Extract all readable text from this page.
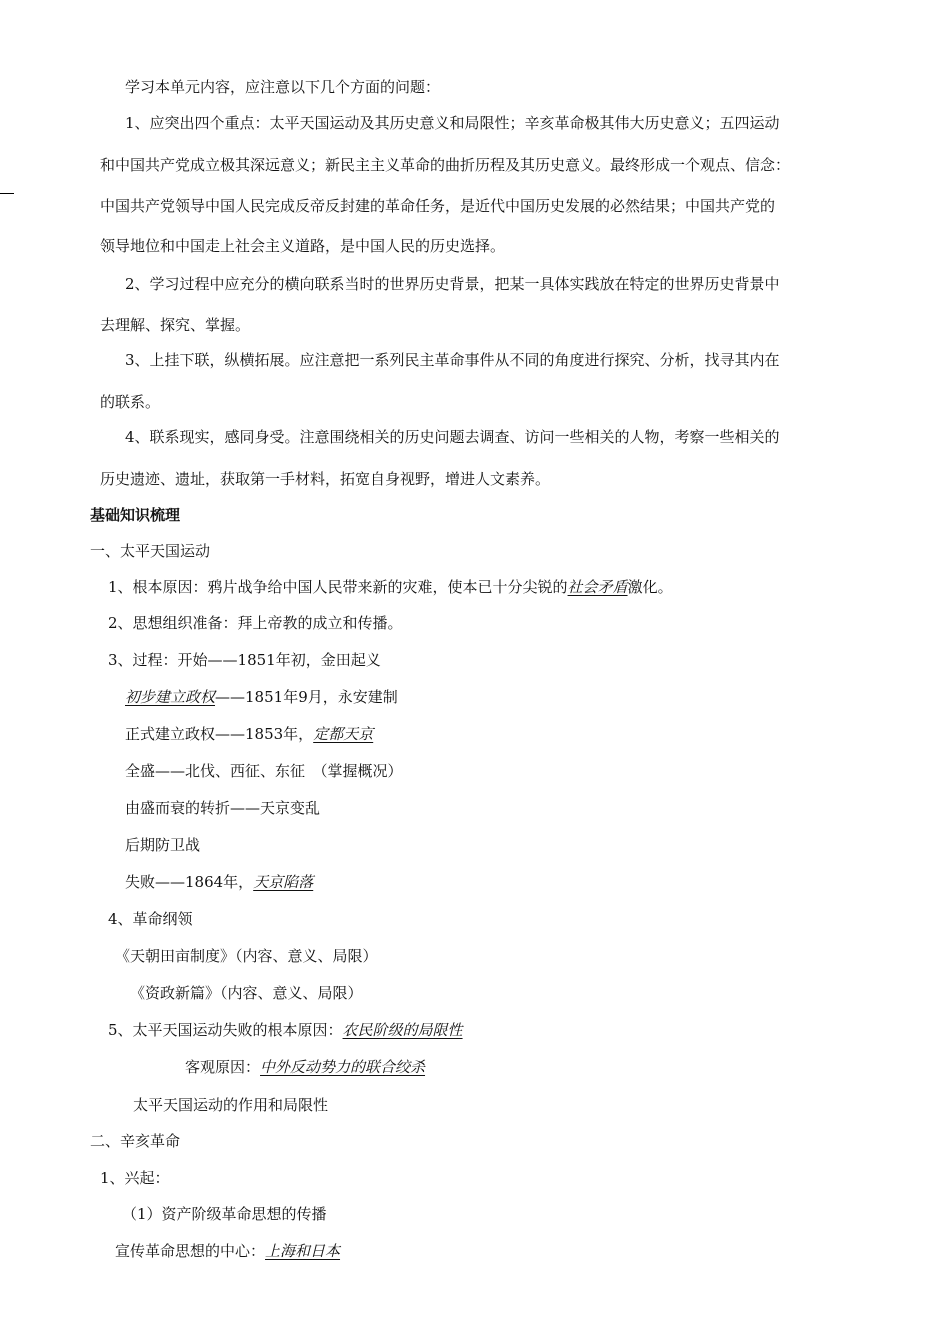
学习本单元内容，应注意以下几个方面的问题：
1、应突出四个重点：太平天国运动及其历史意义和局限性；辛亥革命极其伟大历史意义；五四运动
和中国共产党成立极其深远意义；新民主主义革命的曲折历程及其历史意义。最终形成一个观点、信念：
中国共产党领导中国人民完成反帝反封建的革命任务，是近代中国历史发展的必然结果；中国共产党的
领导地位和中国走上社会主义道路，是中国人民的历史选择。
2、学习过程中应充分的横向联系当时的世界历史背景，把某一具体实践放在特定的世界历史背景中
去理解、探究、掌握。
3、上挂下联，纵横拓展。应注意把一系列民主革命事件从不同的角度进行探究、分析，找寻其内在
的联系。
4、联系现实，感同身受。注意围绕相关的历史问题去调查、访问一些相关的人物，考察一些相关的
历史遗迹、遗址，获取第一手材料，拓宽自身视野，增进人文素养。
基础知识梳理
一、太平天国运动
1、根本原因：鸦片战争给中国人民带来新的灾难，使本已十分尖锐的社会矛盾激化。
2、思想组织准备：拜上帝教的成立和传播。
3、过程：开始——1851年初，金田起义
初步建立政权——1851年9月，永安建制
正式建立政权——1853年，定都天京
全盛——北伐、西征、东征　（掌握概况）
由盛而衰的转折——天京变乱
后期防卫战
失败——1864年，天京陷落
4、革命纲领
《天朝田亩制度》（内容、意义、局限）
《资政新篇》（内容、意义、局限）
5、太平天国运动失败的根本原因：农民阶级的局限性
客观原因：中外反动势力的联合绞杀
太平天国运动的作用和局限性
二、辛亥革命
1、兴起：
（1）资产阶级革命思想的传播
宣传革命思想的中心：上海和日本
